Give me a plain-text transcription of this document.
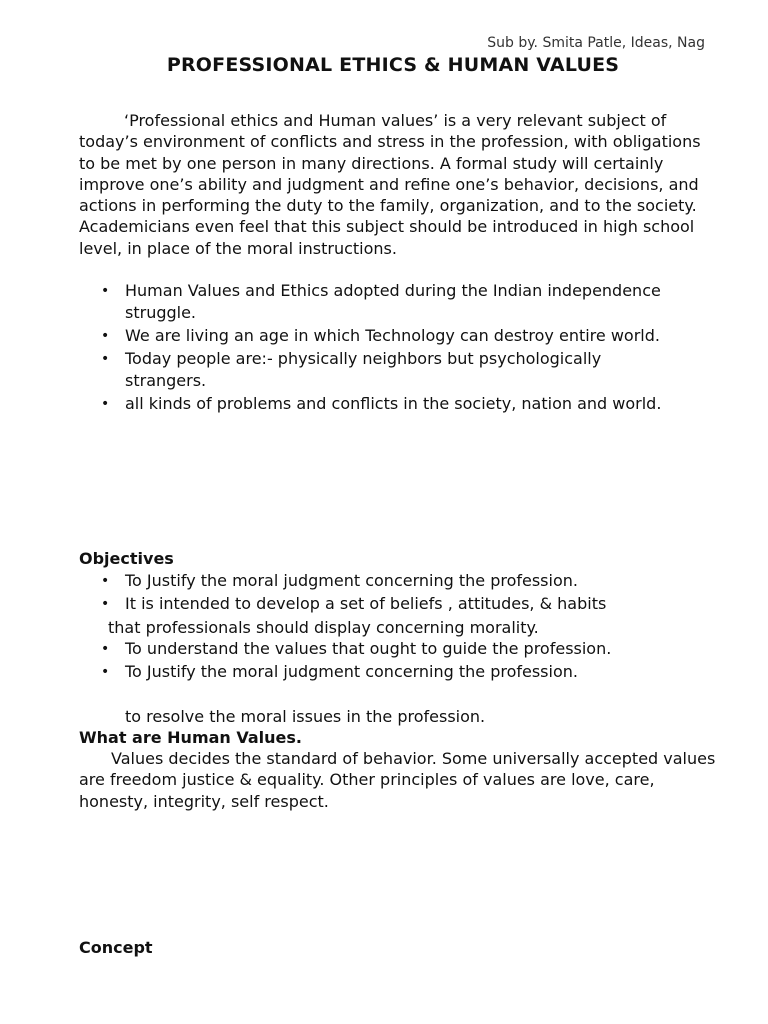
Sub by. Smita Patle, Ideas, Nag

PROFESSIONAL ETHICS & HUMAN VALUES

‘Professional ethics and Human values’ is a very relevant subject of today’s environment of conflicts and stress in the profession, with obligations to be met by one person in many directions. A formal study will certainly improve one’s ability and judgment and refine one’s behavior, decisions, and actions in performing the duty to the family, organization, and to the society. Academicians even feel that this subject should be introduced in high school level, in place of the moral instructions.

• Human Values and Ethics adopted during the Indian independence struggle.
• We are living an age in which Technology can destroy entire world.
• Today people are:- physically neighbors but psychologically strangers.
• all kinds of problems and conflicts in the society, nation and world.
Objectives
• To Justify the moral judgment concerning the profession.
• It is intended to develop a set of beliefs , attitudes, & habits

that professionals should display concerning morality.

• To understand the values that ought to guide the profession.
• To Justify the moral judgment concerning the profession.

to resolve the moral issues in the profession.

What are Human Values.

Values decides the standard of behavior. Some universally accepted values are freedom justice & equality. Other principles of values are love, care, honesty, integrity, self respect.

Concept
